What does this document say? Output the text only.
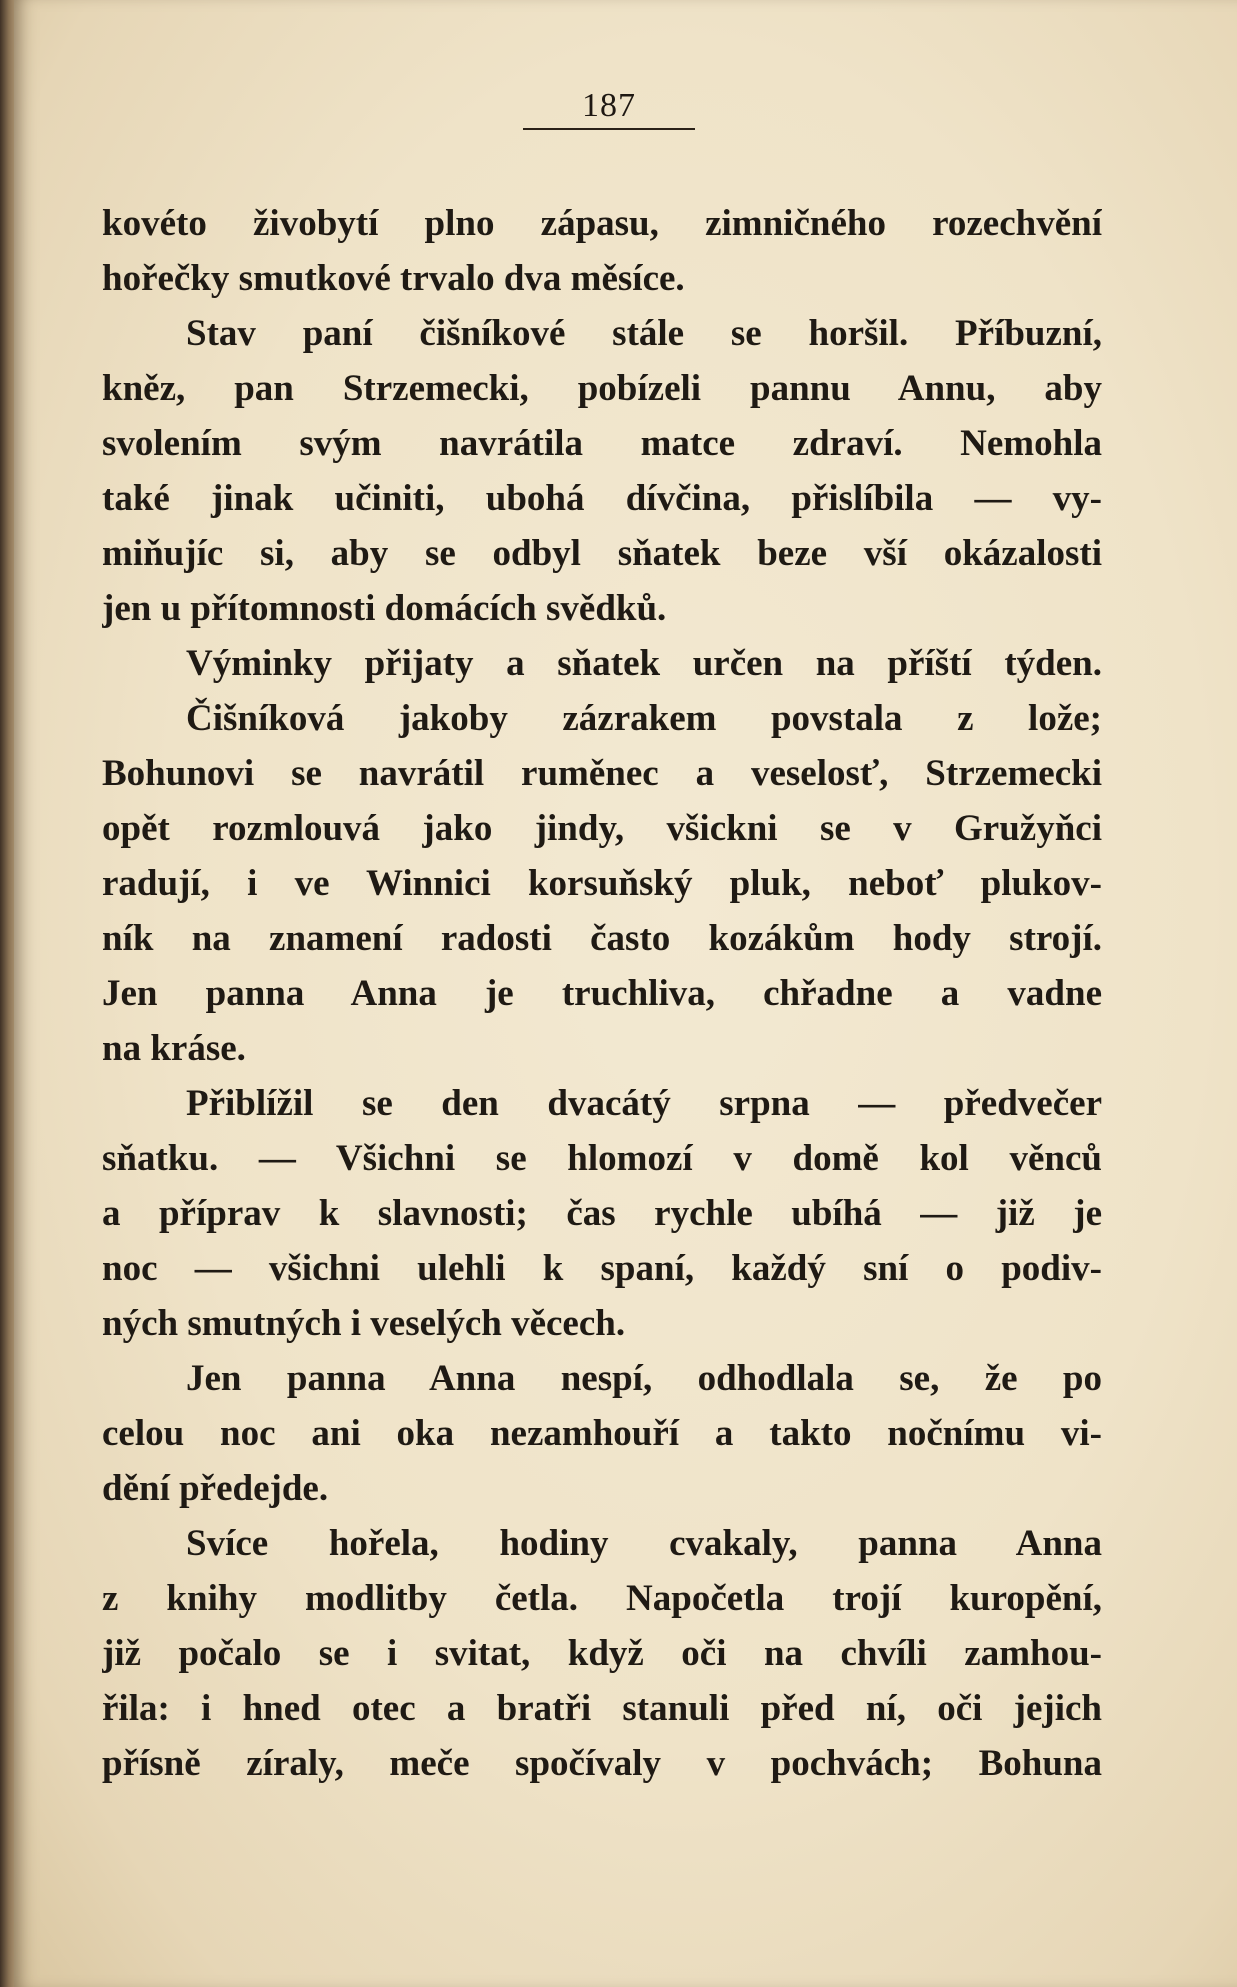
187
kovéto živobytí plno zápasu, zimničného rozechvění
hořečky smutkové trvalo dva měsíce.
Stav paní čišníkové stále se horšil. Příbuzní,
kněz, pan Strzemecki, pobízeli pannu Annu, aby
svolením svým navrátila matce zdraví. Nemohla
také jinak učiniti, ubohá dívčina, přislíbila — vy-
miňujíc si, aby se odbyl sňatek beze vší okázalosti
jen u přítomnosti domácích svědků.
Výminky přijaty a sňatek určen na příští týden.
Čišníková jakoby zázrakem povstala z lože;
Bohunovi se navrátil ruměnec a veselosť, Strzemecki
opět rozmlouvá jako jindy, všickni se v Gružyňci
radují, i ve Winnici korsuňský pluk, neboť plukov-
ník na znamení radosti často kozákům hody strojí.
Jen panna Anna je truchliva, chřadne a vadne
na kráse.
Přiblížil se den dvacátý srpna — předvečer
sňatku. — Všichni se hlomozí v domě kol věnců
a příprav k slavnosti; čas rychle ubíhá — již je
noc — všichni ulehli k spaní, každý sní o podiv-
ných smutných i veselých věcech.
Jen panna Anna nespí, odhodlala se, že po
celou noc ani oka nezamhouří a takto nočnímu vi-
dění předejde.
Svíce hořela, hodiny cvakaly, panna Anna
z knihy modlitby četla. Napočetla trojí kuropění,
již počalo se i svitat, když oči na chvíli zamhou-
řila: i hned otec a bratři stanuli před ní, oči jejich
přísně zíraly, meče spočívaly v pochvách; Bohuna
